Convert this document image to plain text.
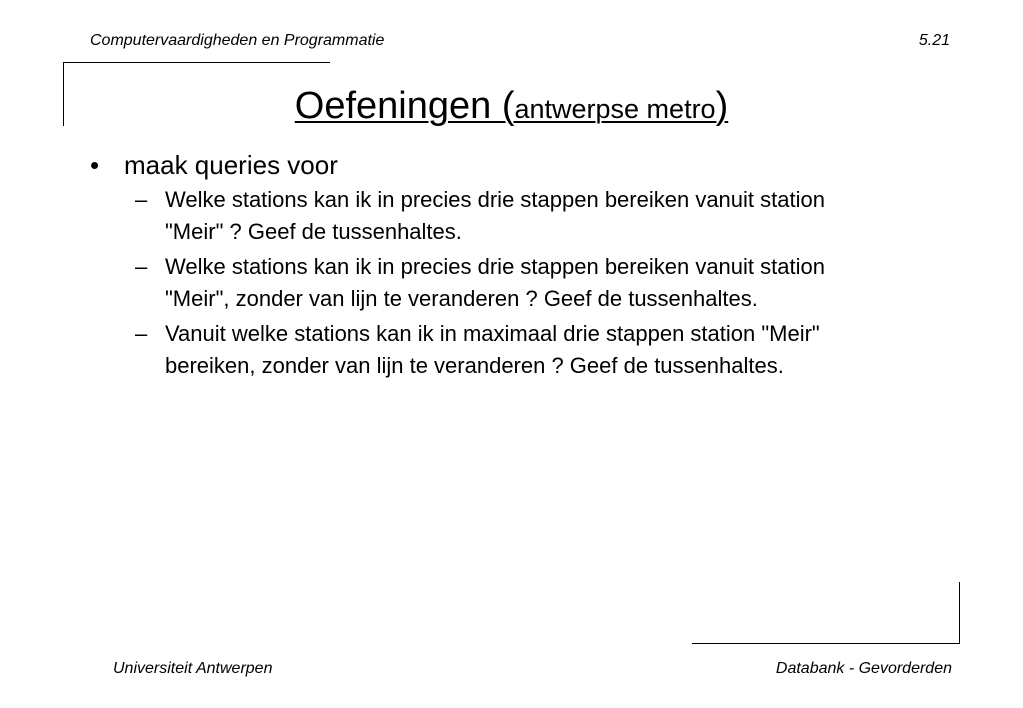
Computervaardigheden en Programmatie	5.21
Oefeningen (antwerpse metro)
• maak queries voor
– Welke stations kan ik in precies drie stappen bereiken vanuit station "Meir" ? Geef de tussenhaltes.
– Welke stations kan ik in precies drie stappen bereiken vanuit station "Meir", zonder van lijn te veranderen ? Geef de tussenhaltes.
– Vanuit welke stations kan ik in maximaal drie stappen station "Meir" bereiken, zonder van lijn te veranderen ? Geef de tussenhaltes.
Universiteit Antwerpen	Databank - Gevorderden
